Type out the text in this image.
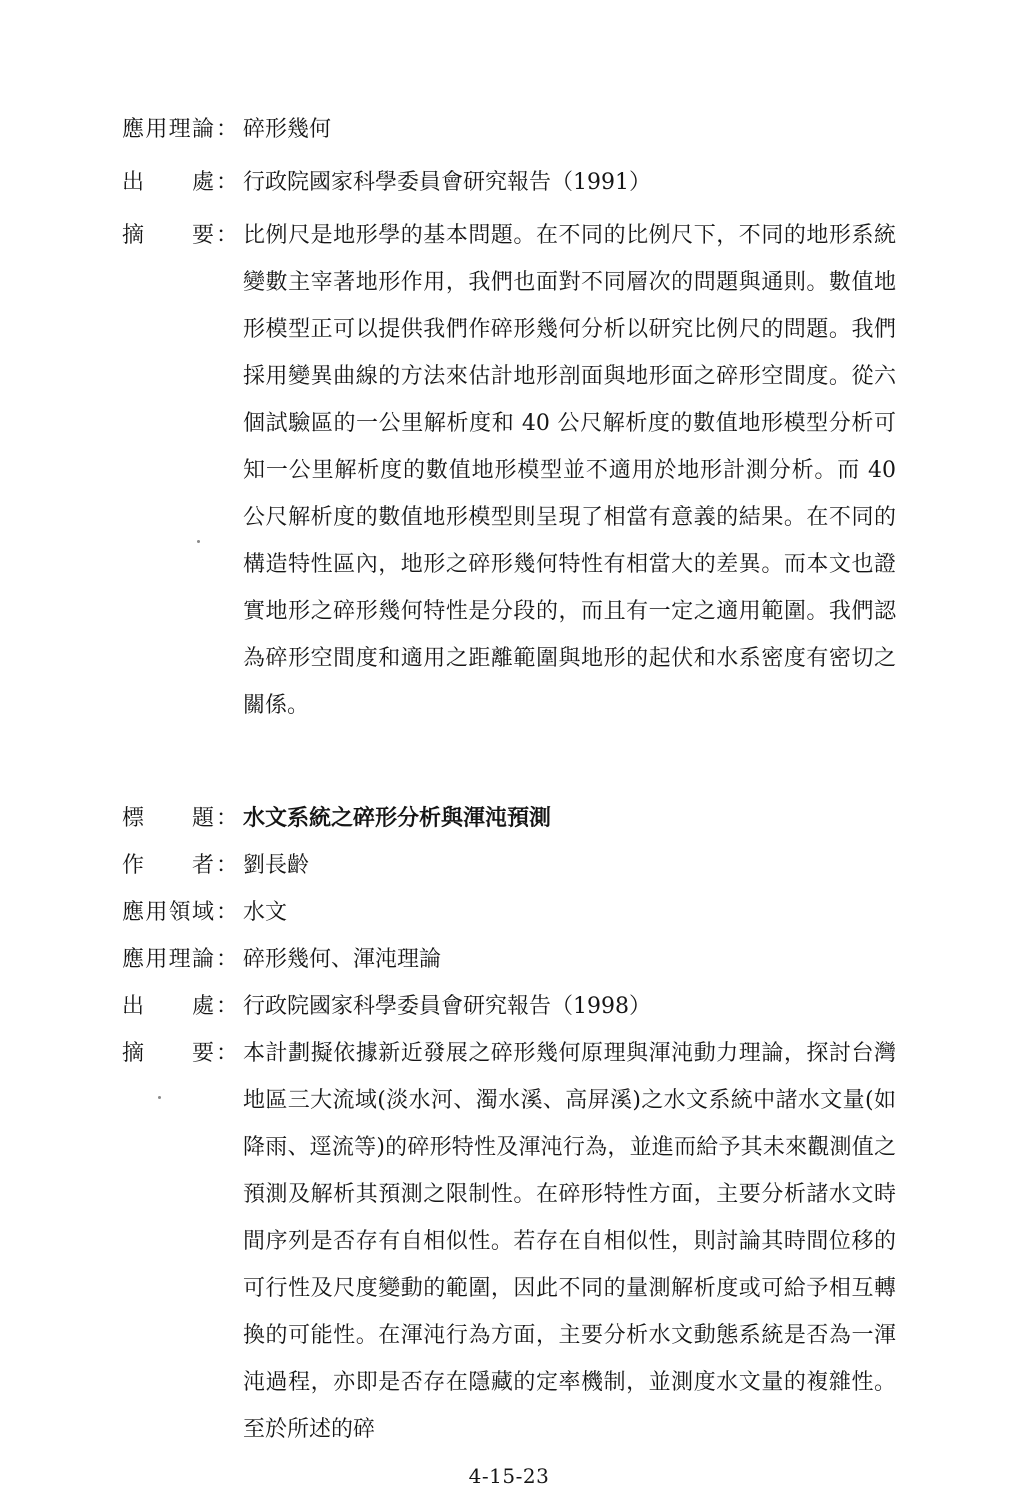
應用理論 ： 碎形幾何
出處 ： 行政院國家科學委員會研究報告（1991）
摘要 ： 比例尺是地形學的基本問題。在不同的比例尺下，不同的地形系統變數主宰著地形作用，我們也面對不同層次的問題與通則。數值地形模型正可以提供我們作碎形幾何分析以研究比例尺的問題。我們採用變異曲線的方法來估計地形剖面與地形面之碎形空間度。從六個試驗區的一公里解析度和 40 公尺解析度的數值地形模型分析可知一公里解析度的數值地形模型並不適用於地形計測分析。而 40 公尺解析度的數值地形模型則呈現了相當有意義的結果。在不同的構造特性區內，地形之碎形幾何特性有相當大的差異。而本文也證實地形之碎形幾何特性是分段的，而且有一定之適用範圍。我們認為碎形空間度和適用之距離範圍與地形的起伏和水系密度有密切之關係。
標題 ： 水文系統之碎形分析與渾沌預測
作者 ： 劉長齡
應用領域 ： 水文
應用理論 ： 碎形幾何、渾沌理論
出處 ： 行政院國家科學委員會研究報告（1998）
摘要 ： 本計劃擬依據新近發展之碎形幾何原理與渾沌動力理論，探討台灣地區三大流域(淡水河、濁水溪、高屏溪)之水文系統中諸水文量(如降雨、逕流等)的碎形特性及渾沌行為，並進而給予其未來觀測值之預測及解析其預測之限制性。在碎形特性方面，主要分析諸水文時間序列是否存有自相似性。若存在自相似性，則討論其時間位移的可行性及尺度變動的範圍，因此不同的量測解析度或可給予相互轉換的可能性。在渾沌行為方面，主要分析水文動態系統是否為一渾沌過程，亦即是否存在隱藏的定率機制，並測度水文量的複雜性。至於所述的碎
4-15-23
